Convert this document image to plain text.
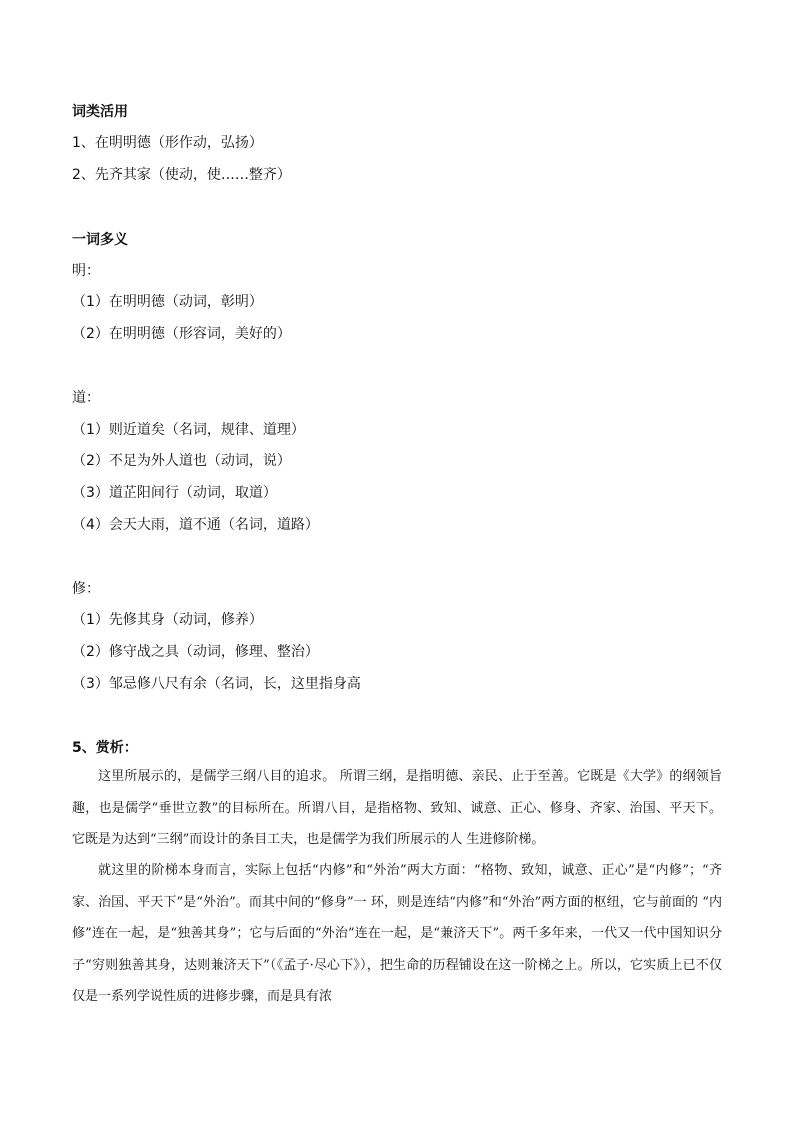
词类活用
1、在明明德（形作动，弘扬）
2、先齐其家（使动，使……整齐）
一词多义
明：
（1）在明明德（动词，彰明）
（2）在明明德（形容词，美好的）
道：
（1）则近道矣（名词，规律、道理）
（2）不足为外人道也（动词，说）
（3）道芷阳间行（动词，取道）
（4）会天大雨，道不通（名词，道路）
修：
（1）先修其身（动词，修养）
（2）修守战之具（动词，修理、整治）
（3）邹忌修八尺有余（名词，长，这里指身高
5、赏析：

这里所展示的，是儒学三纲八目的追求。 所谓三纲，是指明德、亲民、止于至善。它既是《大学》的纲领旨趣，也是儒学“垂世立教”的目标所在。所谓八目，是指格物、致知、诚意、正心、修身、齐家、治国、平天下。它既是为达到“三纲”而设计的条目工夫，也是儒学为我们所展示的人 生进修阶梯。

就这里的阶梯本身而言，实际上包括“内修”和“外治”两大方面：“格物、致知，诚意、正心”是“内修”；“齐家、治国、平天下”是“外治”。而其中间的“修身”一 环，则是连结“内修”和“外治”两方面的枢纽，它与前面的 “内修”连在一起，是“独善其身”；它与后面的“外治”连在一起，是“兼济天下”。两千多年来，一代又一代中国知识分子“穷则独善其身，达则兼济天下”（《孟子·尽心下》），把生命的历程铺设在这一阶梯之上。所以，它实质上已不仅仅是一系列学说性质的进修步骤，而是具有浓
